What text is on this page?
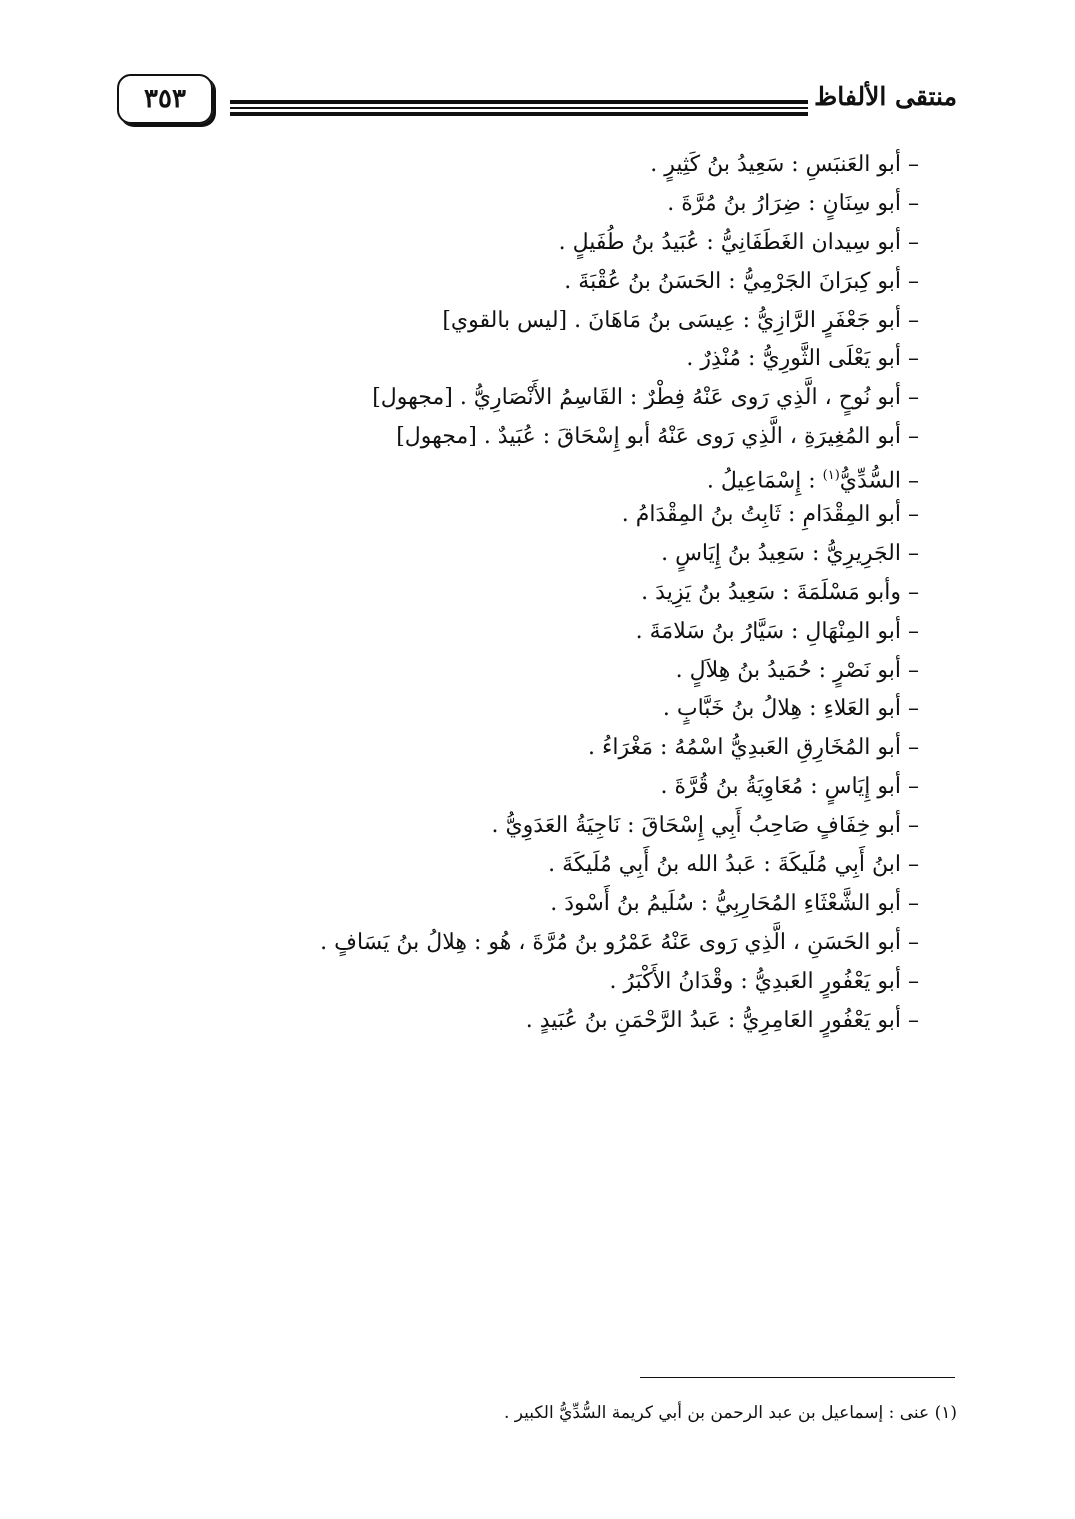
منتقى الألفاظ
٣٥٣
– أبو العَنبَسِ : سَعِيدُ بنُ كَثِيرٍ .
– أبو سِنَانٍ : ضِرَارُ بنُ مُرَّةَ .
– أبو سِيدان الغَطَفَانِيُّ : عُبَيدُ بنُ طُفَيلٍ .
– أبو كِبرَانَ الجَرْمِيُّ : الحَسَنُ بنُ عُقْبَةَ .
– أبو جَعْفَرٍ الرَّازِيُّ : عِيسَى بنُ مَاهَانَ . [ليس بالقوي]
– أبو يَعْلَى الثَّورِيُّ : مُنْذِرٌ .
– أبو نُوحٍ ، الَّذِي رَوى عَنْهُ فِطْرٌ : القَاسِمُ الأَنْصَارِيُّ . [مجهول]
– أبو المُغِيرَةِ ، الَّذِي رَوى عَنْهُ أبو إِسْحَاقَ : عُبَيدٌ . [مجهول]
– السُّدِّيُّ$^{(١)}$ : إِسْمَاعِيلُ .
– أبو المِقْدَامِ : ثَابِتُ بنُ المِقْدَامُ .
– الجَرِيرِيُّ : سَعِيدُ بنُ إِيَاسٍ .
– وأبو مَسْلَمَةَ : سَعِيدُ بنُ يَزِيدَ .
– أبو المِنْهَالِ : سَيَّارُ بنُ سَلامَةَ .
– أبو نَصْرٍ : حُمَيدُ بنُ هِلاَلٍ .
– أبو العَلاءِ : هِلالُ بنُ خَبَّابٍ .
– أبو المُخَارِقِ العَبدِيُّ اسْمُهُ : مَغْرَاءُ .
– أبو إِيَاسٍ : مُعَاوِيَةُ بنُ قُرَّةَ .
– أبو خِفَافٍ صَاحِبُ أَبِي إِسْحَاقَ : نَاجِيَةُ العَدَوِيُّ .
– ابنُ أَبِي مُلَيكَةَ : عَبدُ الله بنُ أَبِي مُلَيكَةَ .
– أبو الشَّعْثَاءِ المُحَارِبِيُّ : سُلَيمُ بنُ أَسْودَ .
– أبو الحَسَنِ ، الَّذِي رَوى عَنْهُ عَمْرُو بنُ مُرَّةَ ، هُو : هِلالُ بنُ يَسَافٍ .
– أبو يَعْفُورٍ العَبدِيُّ : وقْدَانُ الأَكْبَرُ .
– أبو يَعْفُورٍ العَامِرِيُّ : عَبدُ الرَّحْمَنِ بنُ عُبَيدٍ .
(١) عنى : إسماعيل بن عبد الرحمن بن أبي كريمة السُّدِّيُّ الكبير .
